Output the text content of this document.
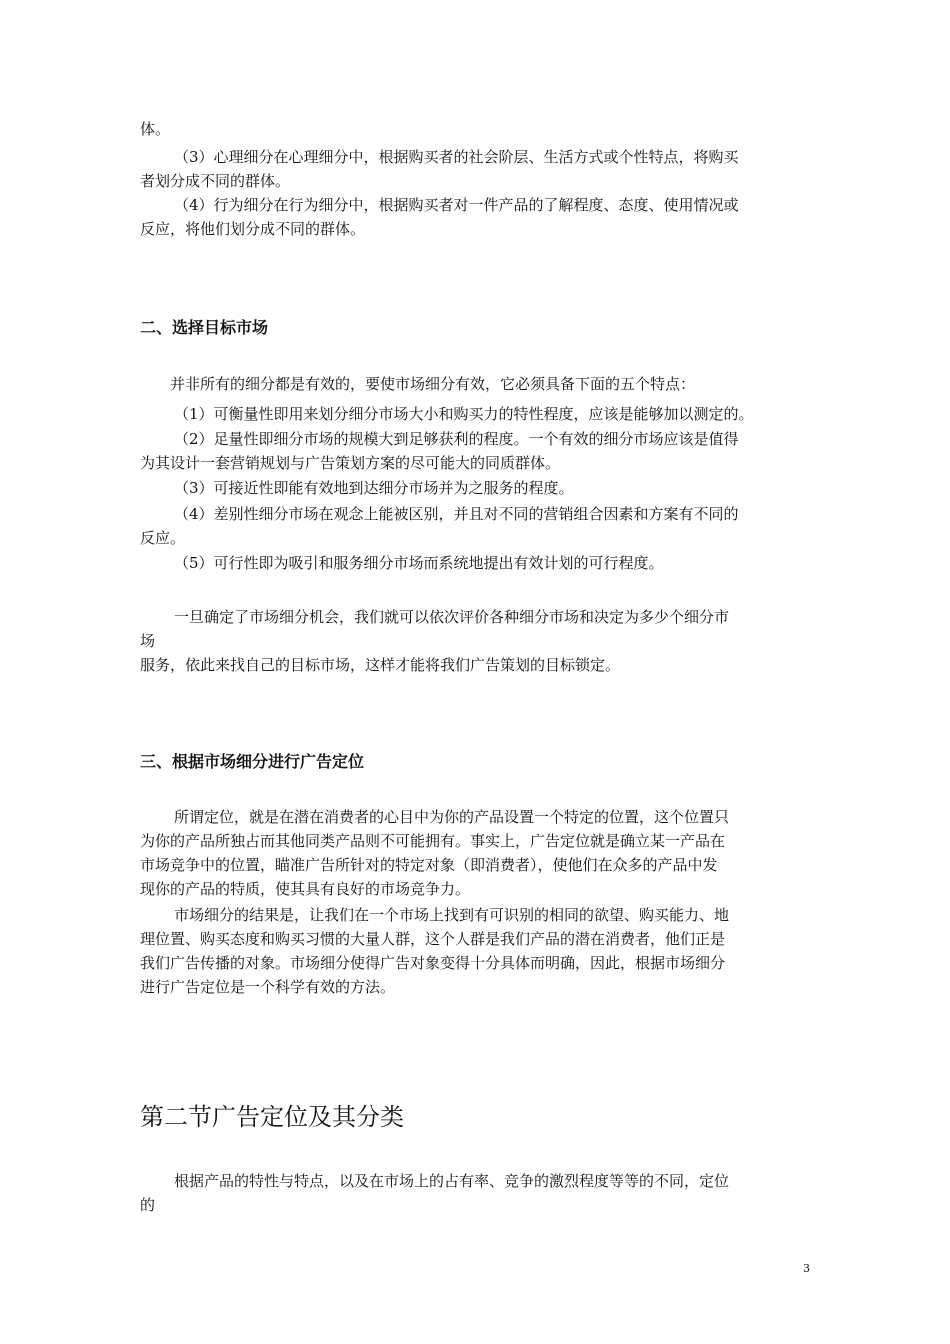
体。
（3）心理细分在心理细分中，根据购买者的社会阶层、生活方式或个性特点，将购买
者划分成不同的群体。
（4）行为细分在行为细分中，根据购买者对一件产品的了解程度、态度、使用情况或
反应，将他们划分成不同的群体。
二、选择目标市场
并非所有的细分都是有效的，要使市场细分有效，它必须具备下面的五个特点：
（1）可衡量性即用来划分细分市场大小和购买力的特性程度，应该是能够加以测定的。
（2）足量性即细分市场的规模大到足够获利的程度。一个有效的细分市场应该是值得
为其设计一套营销规划与广告策划方案的尽可能大的同质群体。
（3）可接近性即能有效地到达细分市场并为之服务的程度。
（4）差别性细分市场在观念上能被区别，并且对不同的营销组合因素和方案有不同的
反应。
（5）可行性即为吸引和服务细分市场而系统地提出有效计划的可行程度。
一旦确定了市场细分机会，我们就可以依次评价各种细分市场和决定为多少个细分市
场
服务，依此来找自己的目标市场，这样才能将我们广告策划的目标锁定。
三、根据市场细分进行广告定位
所谓定位，就是在潜在消费者的心目中为你的产品设置一个特定的位置，这个位置只
为你的产品所独占而其他同类产品则不可能拥有。事实上，广告定位就是确立某一产品在
市场竞争中的位置，瞄准广告所针对的特定对象（即消费者），使他们在众多的产品中发
现你的产品的特质，使其具有良好的市场竞争力。
市场细分的结果是，让我们在一个市场上找到有可识别的相同的欲望、购买能力、地
理位置、购买态度和购买习惯的大量人群，这个人群是我们产品的潜在消费者，他们正是
我们广告传播的对象。市场细分使得广告对象变得十分具体而明确，因此，根据市场细分
进行广告定位是一个科学有效的方法。
第二节广告定位及其分类
根据产品的特性与特点，以及在市场上的占有率、竞争的激烈程度等等的不同，定位
的
3
